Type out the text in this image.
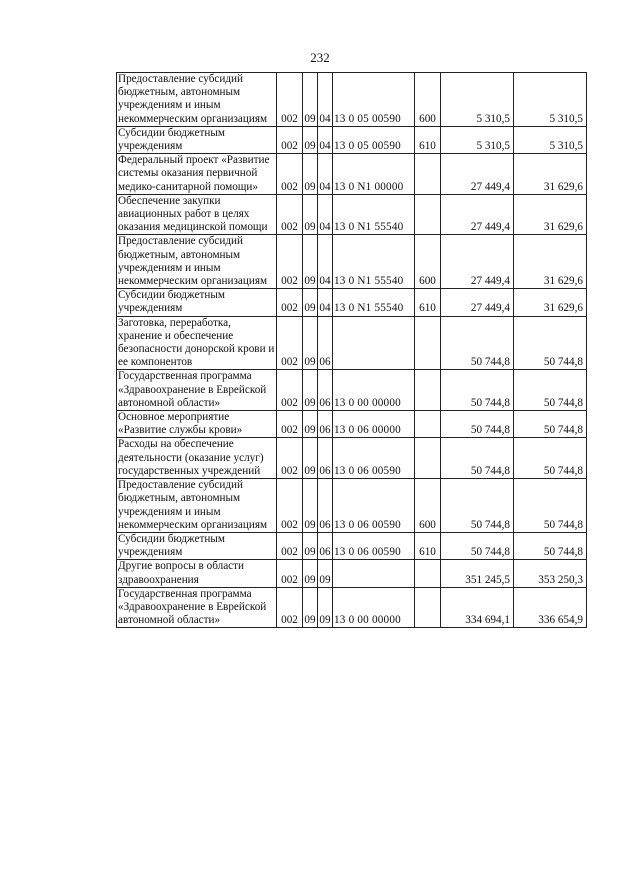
232
Предоставление субсидий бюджетным, автономным учреждениям и иным некоммерческим организациям	002	09	04	13 0 05 00590	600	5 310,5	5 310,5
Субсидии бюджетным учреждениям	002	09	04	13 0 05 00590	610	5 310,5	5 310,5
Федеральный проект «Развитие системы оказания первичной медико-санитарной помощи»	002	09	04	13 0 N1 00000		27 449,4	31 629,6
Обеспечение закупки авиационных работ в целях оказания медицинской помощи	002	09	04	13 0 N1 55540		27 449,4	31 629,6
Предоставление субсидий бюджетным, автономным учреждениям и иным некоммерческим организациям	002	09	04	13 0 N1 55540	600	27 449,4	31 629,6
Субсидии бюджетным учреждениям	002	09	04	13 0 N1 55540	610	27 449,4	31 629,6
Заготовка, переработка, хранение и обеспечение безопасности донорской крови и ее компонентов	002	09	06			50 744,8	50 744,8
Государственная программа «Здравоохранение в Еврейской автономной области»	002	09	06	13 0 00 00000		50 744,8	50 744,8
Основное мероприятие «Развитие службы крови»	002	09	06	13 0 06 00000		50 744,8	50 744,8
Расходы на обеспечение деятельности (оказание услуг) государственных учреждений	002	09	06	13 0 06 00590		50 744,8	50 744,8
Предоставление субсидий бюджетным, автономным учреждениям и иным некоммерческим организациям	002	09	06	13 0 06 00590	600	50 744,8	50 744,8
Субсидии бюджетным учреждениям	002	09	06	13 0 06 00590	610	50 744,8	50 744,8
Другие вопросы в области здравоохранения	002	09	09			351 245,5	353 250,3
Государственная программа «Здравоохранение в Еврейской автономной области»	002	09	09	13 0 00 00000		334 694,1	336 654,9
